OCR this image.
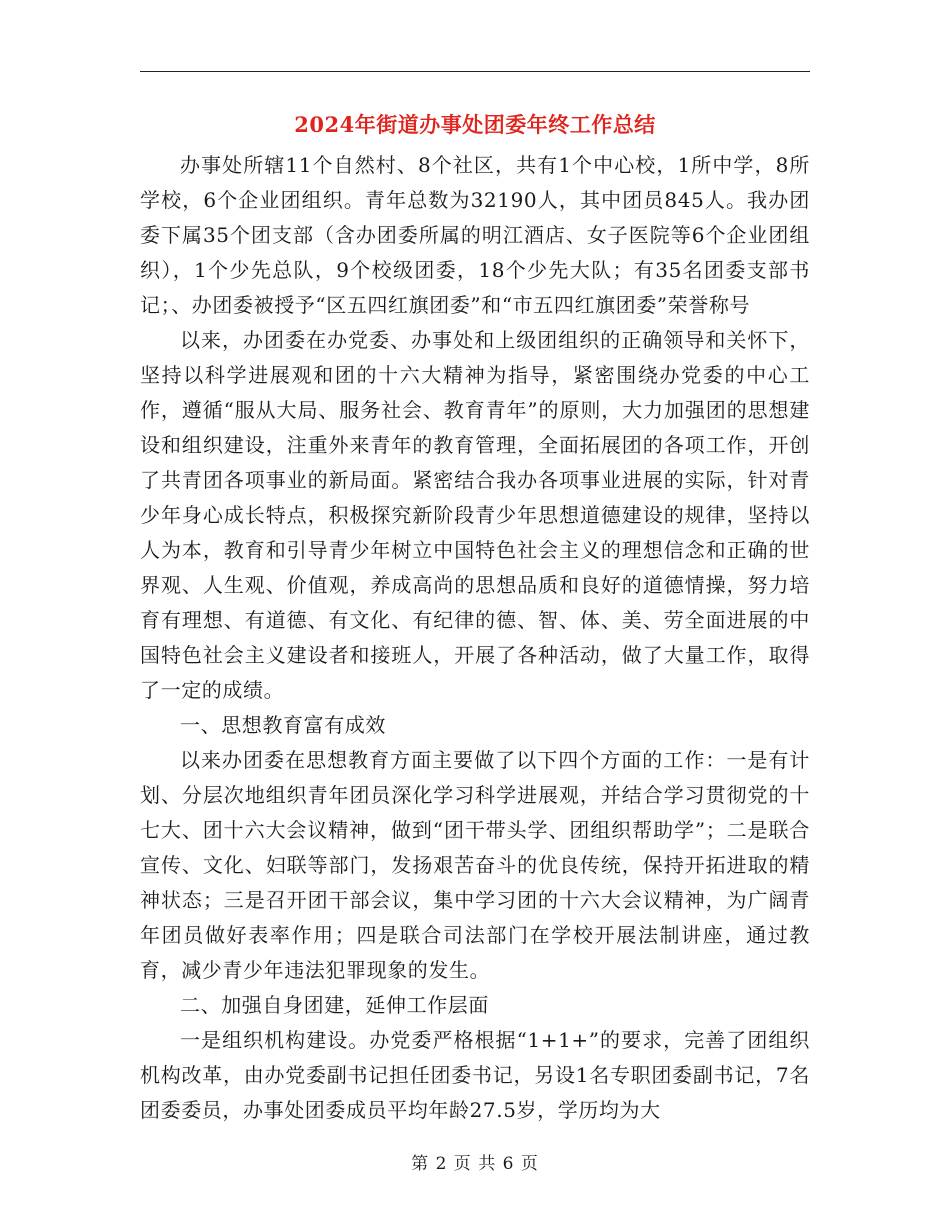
2024年街道办事处团委年终工作总结

办事处所辖11个自然村、8个社区，共有1个中心校，1所中学，8所学校，6个企业团组织。青年总数为32190人，其中团员845人。我办团委下属35个团支部（含办团委所属的明江酒店、女子医院等6个企业团组织），1个少先总队，9个校级团委，18个少先大队；有35名团委支部书记；、办团委被授予“区五四红旗团委”和“市五四红旗团委”荣誉称号

以来，办团委在办党委、办事处和上级团组织的正确领导和关怀下，坚持以科学进展观和团的十六大精神为指导，紧密围绕办党委的中心工作，遵循“服从大局、服务社会、教育青年”的原则，大力加强团的思想建设和组织建设，注重外来青年的教育管理，全面拓展团的各项工作，开创了共青团各项事业的新局面。紧密结合我办各项事业进展的实际，针对青少年身心成长特点，积极探究新阶段青少年思想道德建设的规律，坚持以人为本，教育和引导青少年树立中国特色社会主义的理想信念和正确的世界观、人生观、价值观，养成高尚的思想品质和良好的道德情操，努力培育有理想、有道德、有文化、有纪律的德、智、体、美、劳全面进展的中国特色社会主义建设者和接班人，开展了各种活动，做了大量工作，取得了一定的成绩。

一、思想教育富有成效

以来办团委在思想教育方面主要做了以下四个方面的工作：一是有计划、分层次地组织青年团员深化学习科学进展观，并结合学习贯彻党的十七大、团十六大会议精神，做到“团干带头学、团组织帮助学”；二是联合宣传、文化、妇联等部门，发扬艰苦奋斗的优良传统，保持开拓进取的精神状态；三是召开团干部会议，集中学习团的十六大会议精神，为广阔青年团员做好表率作用；四是联合司法部门在学校开展法制讲座，通过教育，减少青少年违法犯罪现象的发生。

二、加强自身团建，延伸工作层面

一是组织机构建设。办党委严格根据“1+1+”的要求，完善了团组织机构改革，由办党委副书记担任团委书记，另设1名专职团委副书记，7名团委委员，办事处团委成员平均年龄27.5岁，学历均为大

第 2 页 共 6 页
